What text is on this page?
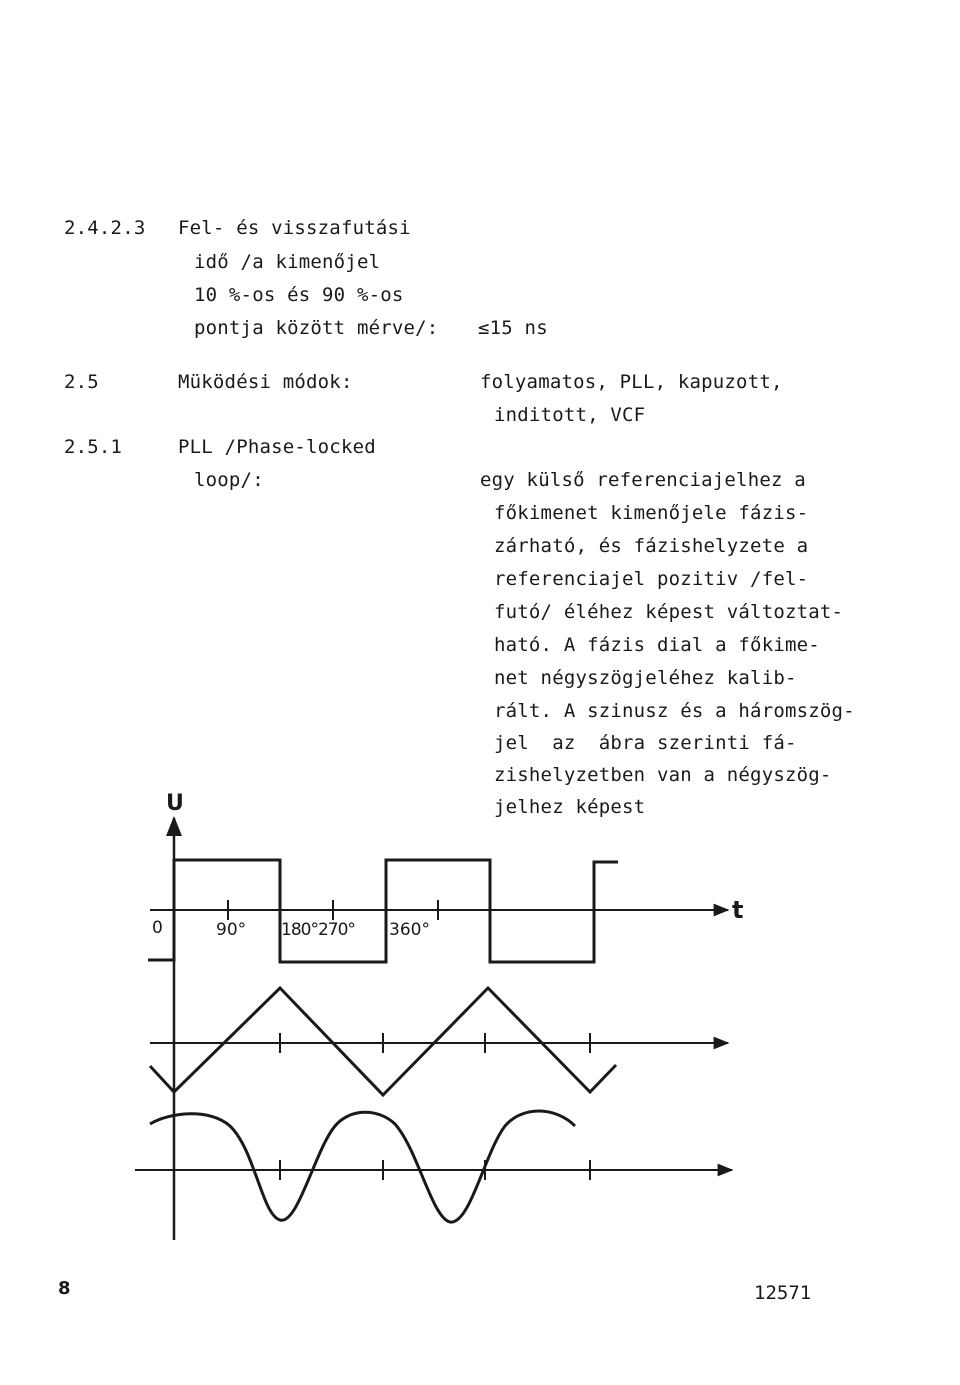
2.4.2.3 Fel- és visszafutási
idő /a kimenőjel
10 %-os és 90 %-os
pontja között mérve/: ≤15 ns
2.5	Müködési módok:	folyamatos, PLL, kapuzott,
inditott, VCF
2.5.1	PLL /Phase-locked
loop/:	egy külső referenciajelhez a
főkimenet kimenőjele fázis-
zárható, és fázishelyzete a
referenciajel pozitiv /fel-
futó/ éléhez képest változtat-
ható. A fázis dial a főkime-
net négyszögjeléhez kalib-
rált. A szinusz és a háromszög-
jel  az  ábra szerinti fá-
zishelyzetben van a négyszög-
jelhez képest
U
t
0	90° 180°270° 360°
8	12571
